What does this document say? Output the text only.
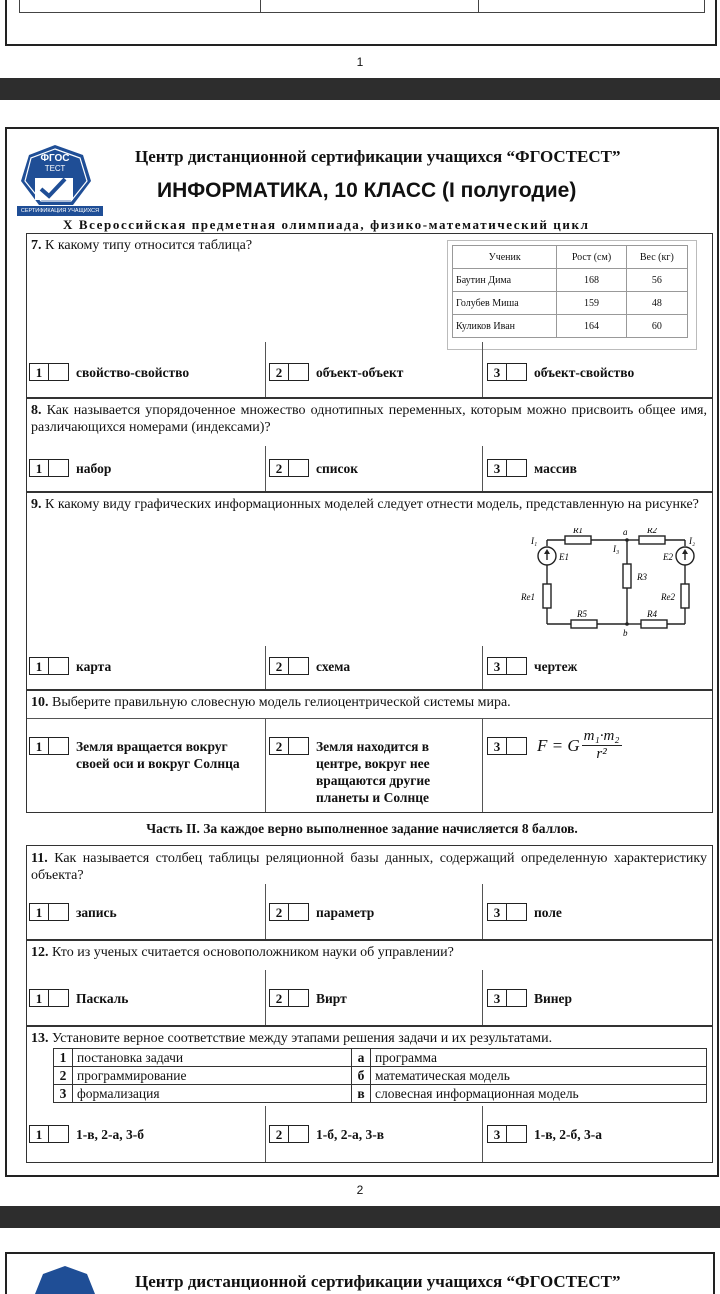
1
ФГОС
ТЕСТ
СЕРТИФИКАЦИЯ УЧАЩИХСЯ
Центр дистанционной сертификации учащихся “ФГОСТЕСТ”
ИНФОРМАТИКА, 10 КЛАСС (I полугодие)
X Всероссийская предметная олимпиада, физико-математический цикл
7. К какому типу относится таблица?
Ученик	Рост (см)	Вес (кг)
Баутин Дима	168	56
Голубев Миша	159	48
Куликов Иван	164	60
1	свойство-свойство	2	объект-объект	3	объект-свойство
8. Как называется упорядоченное множество однотипных переменных, которым можно присвоить общее имя, различающихся номерами (индексами)?
1	набор	2	список	3	массив
9. К какому виду графических информационных моделей следует отнести модель, представленную на рисунке?
R1	R2
a
b
I₃
R3
E1	E2
I₁	I₂
Re1	Re2
R5	R4
1	карта	2	схема	3	чертеж
10. Выберите правильную словесную модель гелиоцентрической системы мира.
1	Земля вращается вокруг своей оси и вокруг Солнца
2	Земля находится в центре, вокруг нее вращаются другие планеты и Солнце
3	F = G $\frac{\text{m₁·m₂}}{\text{r²}}$
Часть II. За каждое верно выполненное задание начисляется 8 баллов.
11. Как называется столбец таблицы реляционной базы данных, содержащий определенную характеристику объекта?
1	запись	2	параметр	3	поле
12. Кто из ученых считается основоположником науки об управлении?
1	Паскаль	2	Вирт	3	Винер
13. Установите верное соответствие между этапами решения задачи и их результатами.
1	постановка задачи	а	программа
2	программирование	б	математическая модель
3	формализация	в	словесная информационная модель
1	1-в, 2-а, 3-б	2	1-б, 2-а, 3-в	3	1-в, 2-б, 3-а
2
Центр дистанционной сертификации учащихся “ФГОСТЕСТ”
